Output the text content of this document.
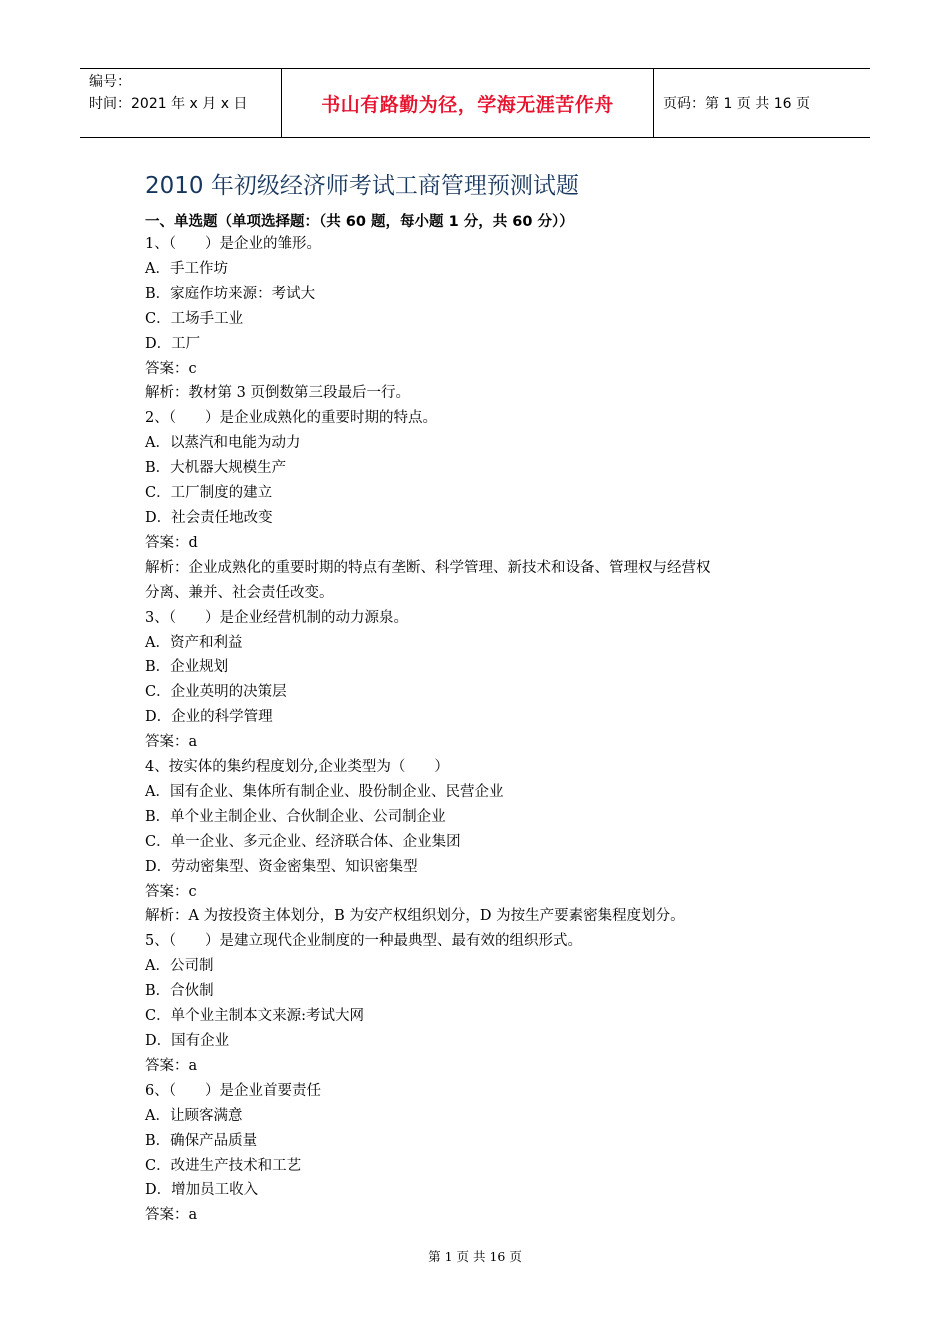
编号：
时间：2021 年 x 月 x 日	书山有路勤为径，学海无涯苦作舟	页码：第 1 页 共 16 页
2010 年初级经济师考试工商管理预测试题
一、单选题（单项选择题：（共 60 题，每小题 1 分，共 60 分））
1、（　　）是企业的雏形。
A．手工作坊
B．家庭作坊来源：考试大
C．工场手工业
D．工厂
答案：c
解析：教材第 3 页倒数第三段最后一行。
2、（　　）是企业成熟化的重要时期的特点。
A．以蒸汽和电能为动力
B．大机器大规模生产
C．工厂制度的建立
D．社会责任地改变
答案：d
解析：企业成熟化的重要时期的特点有垄断、科学管理、新技术和设备、管理权与经营权
分离、兼并、社会责任改变。
3、（　　）是企业经营机制的动力源泉。
A．资产和利益
B．企业规划
C．企业英明的决策层
D．企业的科学管理
答案：a
4、按实体的集约程度划分,企业类型为（　　）
A．国有企业、集体所有制企业、股份制企业、民营企业
B．单个业主制企业、合伙制企业、公司制企业
C．单一企业、多元企业、经济联合体、企业集团
D．劳动密集型、资金密集型、知识密集型
答案：c
解析：A 为按投资主体划分，B 为安产权组织划分，D 为按生产要素密集程度划分。
5、（　　）是建立现代企业制度的一种最典型、最有效的组织形式。
A．公司制
B．合伙制
C．单个业主制本文来源:考试大网
D．国有企业
答案：a
6、（　　）是企业首要责任
A．让顾客满意
B．确保产品质量
C．改进生产技术和工艺
D．增加员工收入
答案：a
第 1 页 共 16 页
